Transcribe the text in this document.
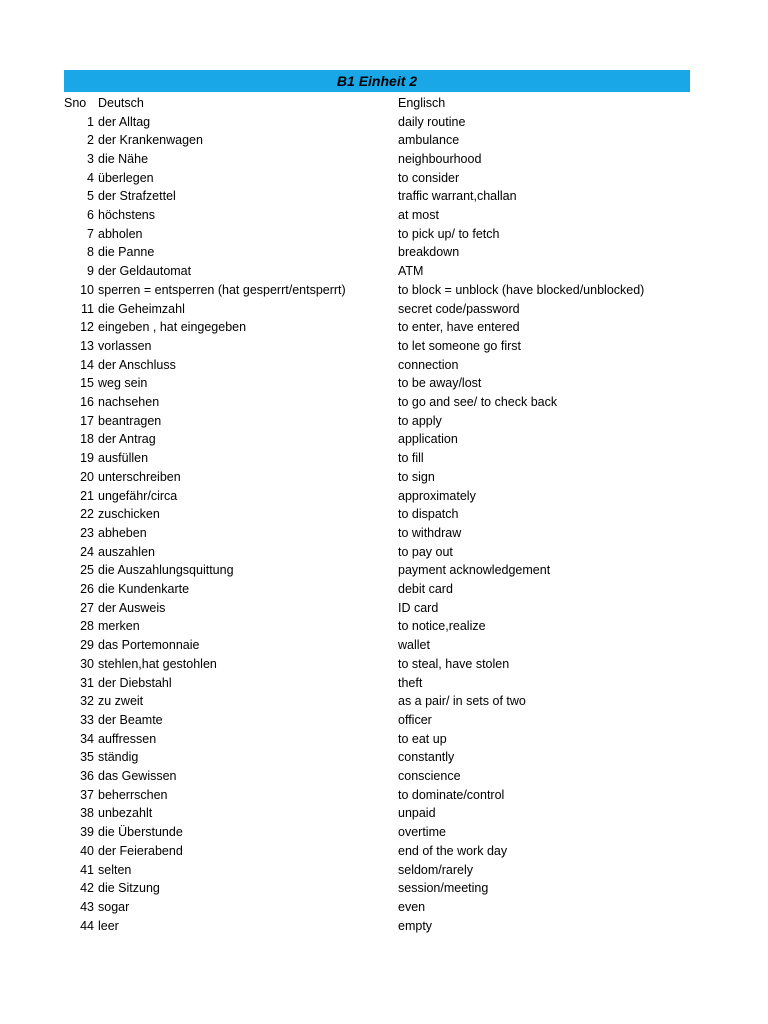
B1 Einheit 2
Sno Deutsch	Englisch
1 der Alltag	daily routine
2 der Krankenwagen	ambulance
3 die Nähe	neighbourhood
4 überlegen	to consider
5 der Strafzettel	traffic warrant,challan
6 höchstens	at most
7 abholen	to pick up/ to fetch
8 die Panne	breakdown
9 der Geldautomat	ATM
10 sperren = entsperren (hat gesperrt/entsperrt)	to block = unblock (have blocked/unblocked)
11 die Geheimzahl	secret code/password
12 eingeben , hat eingegeben	to enter, have entered
13 vorlassen	to let someone go first
14 der Anschluss	connection
15 weg sein	to be away/lost
16 nachsehen	to go and see/ to check back
17 beantragen	to apply
18 der Antrag	application
19 ausfüllen	to fill
20 unterschreiben	to sign
21 ungefähr/circa	approximately
22 zuschicken	to dispatch
23 abheben	to withdraw
24 auszahlen	to pay out
25 die Auszahlungsquittung	payment acknowledgement
26 die Kundenkarte	debit card
27 der Ausweis	ID card
28 merken	to notice,realize
29 das Portemonnaie	wallet
30 stehlen,hat gestohlen	to steal, have stolen
31 der Diebstahl	theft
32 zu zweit	as a pair/ in sets of two
33 der Beamte	officer
34 auffressen	to eat up
35 ständig	constantly
36 das Gewissen	conscience
37 beherrschen	to dominate/control
38 unbezahlt	unpaid
39 die Überstunde	overtime
40 der Feierabend	end of the work day
41 selten	seldom/rarely
42 die Sitzung	session/meeting
43 sogar	even
44 leer	empty
